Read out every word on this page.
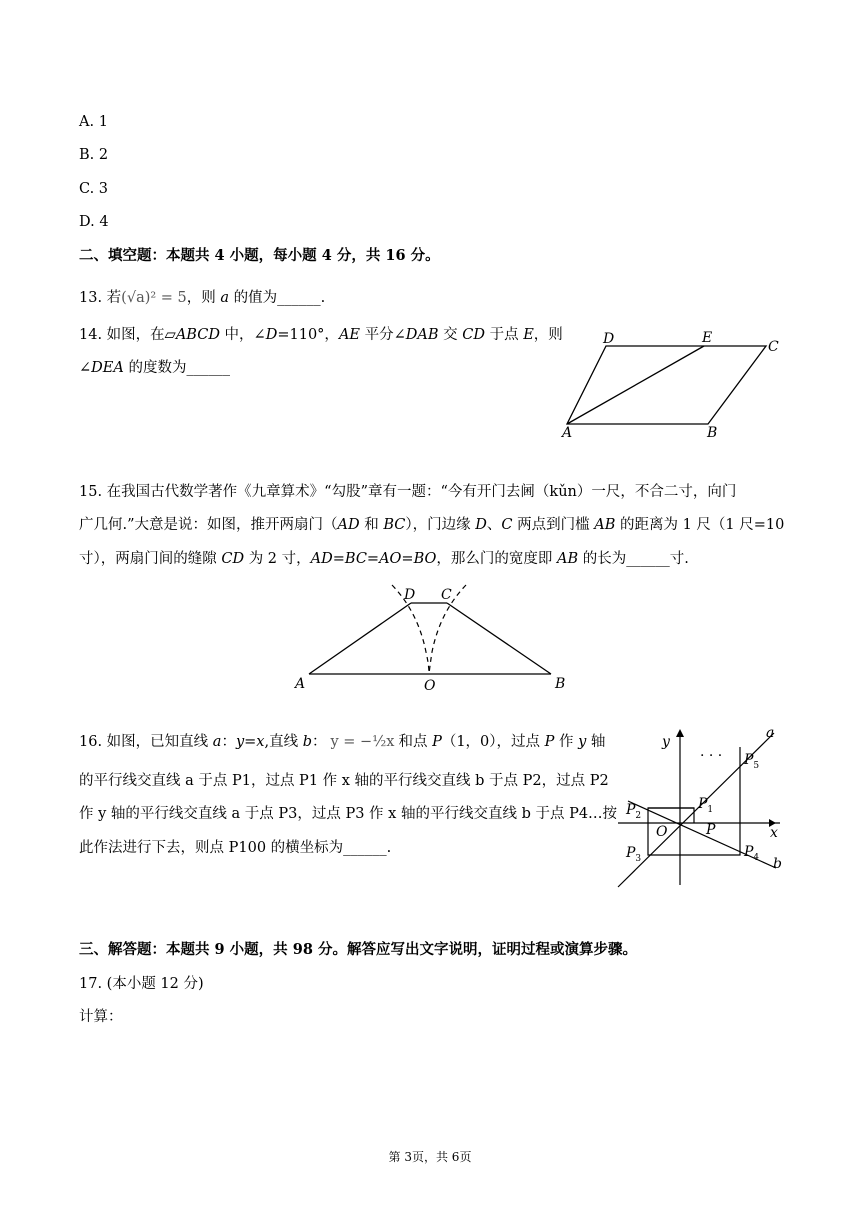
A. 1
B. 2
C. 3
D. 4
二、填空题：本题共 4 小题，每小题 4 分，共 16 分。
13. 若(√a)² = 5，则 a 的值为______.
14. 如图，在▱ABCD 中，∠D=110°，AE 平分∠DAB 交 CD 于点 E，则
∠DEA 的度数为______
D	E
C
A	B
15. 在我国古代数学著作《九章算术》“勾股”章有一题：“今有开门去阃（kǔn）一尺，不合二寸，向门
广几何.”大意是说：如图，推开两扇门（AD 和 BC），门边缘 D、C 两点到门槛 AB 的距离为 1 尺（1 尺=10
寸），两扇门间的缝隙 CD 为 2 寸，AD=BC=AO=BO，那么门的宽度即 AB 的长为______寸.
D C
A	O	B
16. 如图，已知直线 a：y=x,直线 b： y = −½x 和点 P（1，0），过点 P 作 y 轴
的平行线交直线 a 于点 P1，过点 P1 作 x 轴的平行线交直线 b 于点 P2，过点 P2
作 y 轴的平行线交直线 a 于点 P3，过点 P3 作 x 轴的平行线交直线 b 于点 P4…按
此作法进行下去，则点 P100 的横坐标为______.
y
x
a
b
· · ·
O	P
$P_1$
$P_2$
$P_3$	$P_4$
$P_5$
三、解答题：本题共 9 小题，共 98 分。解答应写出文字说明，证明过程或演算步骤。
17. (本小题 12 分)
计算：
第 3页，共 6页
